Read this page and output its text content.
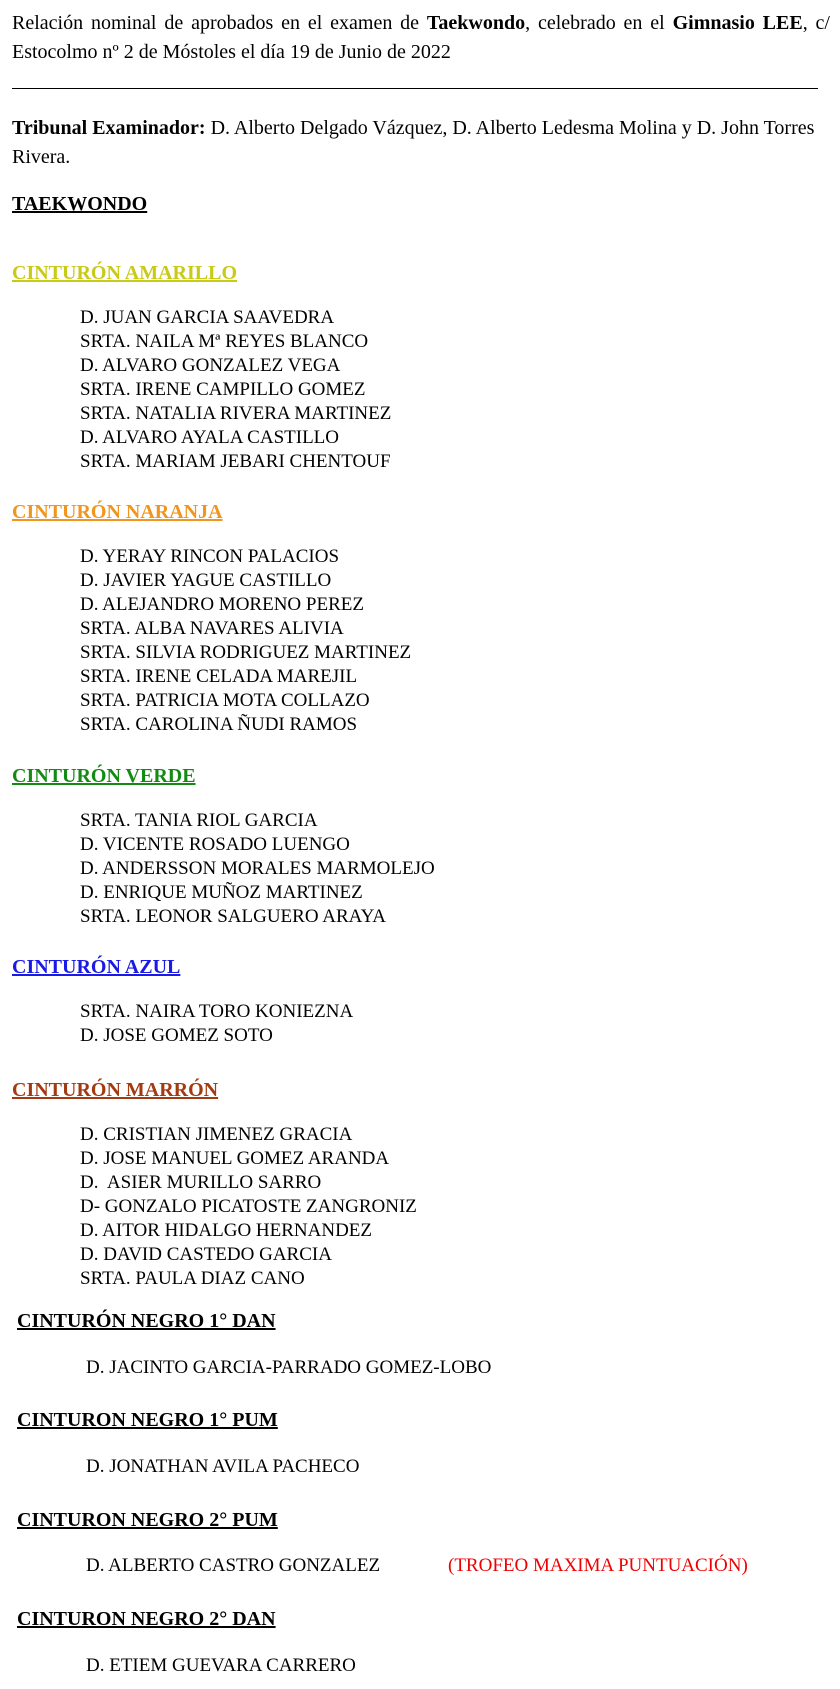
Relación nominal de aprobados en el examen de Taekwondo, celebrado en el Gimnasio LEE, c/ Estocolmo nº 2 de Móstoles el día 19 de Junio de 2022
Tribunal Examinador: D. Alberto Delgado Vázquez, D. Alberto Ledesma Molina y D. John Torres Rivera.
TAEKWONDO
CINTURÓN AMARILLO
D. JUAN GARCIA SAAVEDRA
SRTA. NAILA Mª REYES BLANCO
D. ALVARO GONZALEZ VEGA
SRTA. IRENE CAMPILLO GOMEZ
SRTA. NATALIA RIVERA MARTINEZ
D. ALVARO AYALA CASTILLO
SRTA. MARIAM JEBARI CHENTOUF
CINTURÓN NARANJA
D. YERAY RINCON PALACIOS
D. JAVIER YAGUE CASTILLO
D. ALEJANDRO MORENO PEREZ
SRTA. ALBA NAVARES ALIVIA
SRTA. SILVIA RODRIGUEZ MARTINEZ
SRTA. IRENE CELADA MAREJIL
SRTA. PATRICIA MOTA COLLAZO
SRTA. CAROLINA ÑUDI RAMOS
CINTURÓN VERDE
SRTA. TANIA RIOL GARCIA
D. VICENTE ROSADO LUENGO
D. ANDERSSON MORALES MARMOLEJO
D. ENRIQUE MUÑOZ MARTINEZ
SRTA. LEONOR SALGUERO ARAYA
CINTURÓN AZUL
SRTA. NAIRA TORO KONIEZNA
D. JOSE GOMEZ SOTO
CINTURÓN MARRÓN
D. CRISTIAN JIMENEZ GRACIA
D. JOSE MANUEL GOMEZ ARANDA
D.  ASIER MURILLO SARRO
D- GONZALO PICATOSTE ZANGRONIZ
D. AITOR HIDALGO HERNANDEZ
D. DAVID CASTEDO GARCIA
SRTA. PAULA DIAZ CANO
CINTURÓN NEGRO 1° DAN
D. JACINTO GARCIA-PARRADO GOMEZ-LOBO
CINTURON NEGRO 1° PUM
D. JONATHAN AVILA PACHECO
CINTURON NEGRO 2° PUM
D. ALBERTO CASTRO GONZALEZ	(TROFEO MAXIMA PUNTUACIÓN)
CINTURON NEGRO 2° DAN
D. ETIEM GUEVARA CARRERO
